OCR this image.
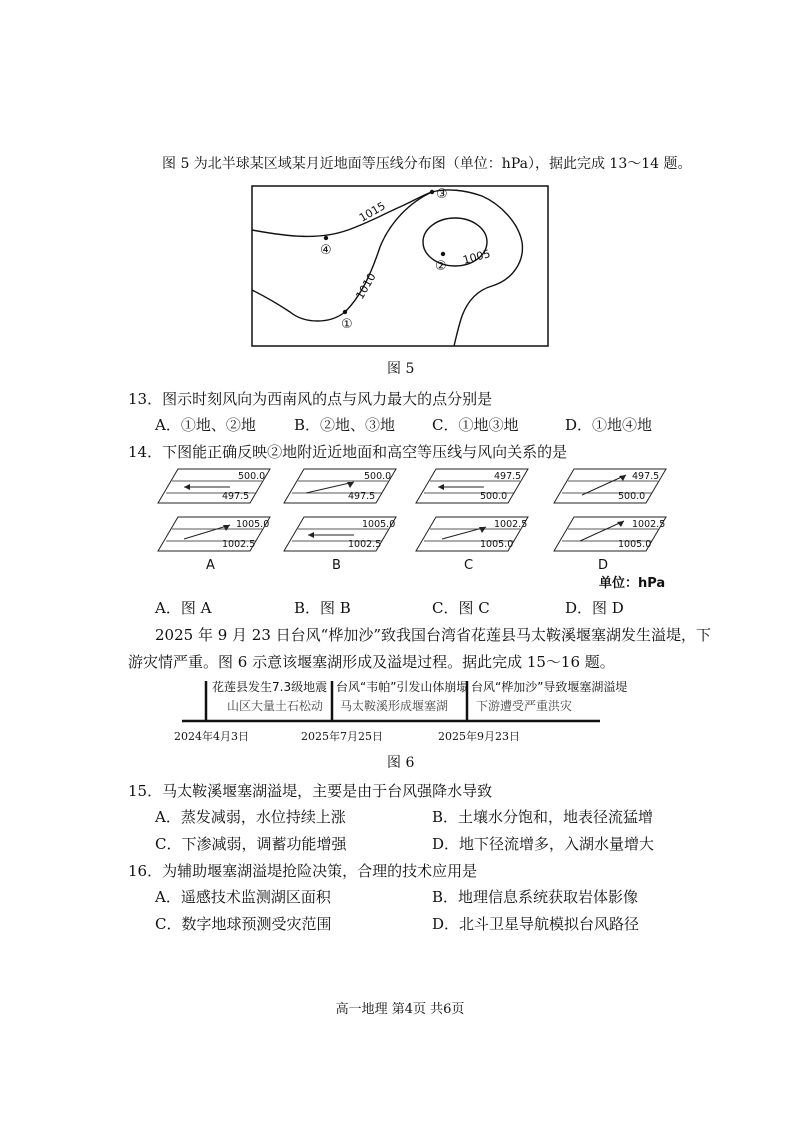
图 5 为北半球某区域某月近地面等压线分布图（单位：hPa），据此完成 13～14 题。
1015
1010
1005
③
④
②
①
图 5
13．图示时刻风向为西南风的点与风力最大的点分别是
A．①地、②地	B．②地、③地 C．①地③地	D．①地④地
14．下图能正确反映②地附近近地面和高空等压线与风向关系的是
500.0
497.5
1005.0
1002.5
A
500.0
497.5
1005.0
1002.5
B
497.5
500.0
1002.5
1005.0
C
497.5
500.0
1002.5
1005.0
D
单位：hPa
A．图 A	B．图 B	C．图 C	D．图 D
2025 年 9 月 23 日台风“桦加沙”致我国台湾省花莲县马太鞍溪堰塞湖发生溢堤，下
游灾情严重。图 6 示意该堰塞湖形成及溢堤过程。据此完成 15～16 题。
花莲县发生7.3级地震
山区大量土石松动
2024年4月3日
台风“韦帕”引发山体崩塌
马太鞍溪形成堰塞湖
2025年7月25日
台风“桦加沙”导致堰塞湖溢堤
下游遭受严重洪灾
2025年9月23日
图 6
15．马太鞍溪堰塞湖溢堤，主要是由于台风强降水导致
A．蒸发减弱，水位持续上涨	B．土壤水分饱和，地表径流猛增
C．下渗减弱，调蓄功能增强	D．地下径流增多，入湖水量增大
16．为辅助堰塞湖溢堤抢险决策，合理的技术应用是
A．遥感技术监测湖区面积	B．地理信息系统获取岩体影像
C．数字地球预测受灾范围	D．北斗卫星导航模拟台风路径
高一地理 第4页 共6页
